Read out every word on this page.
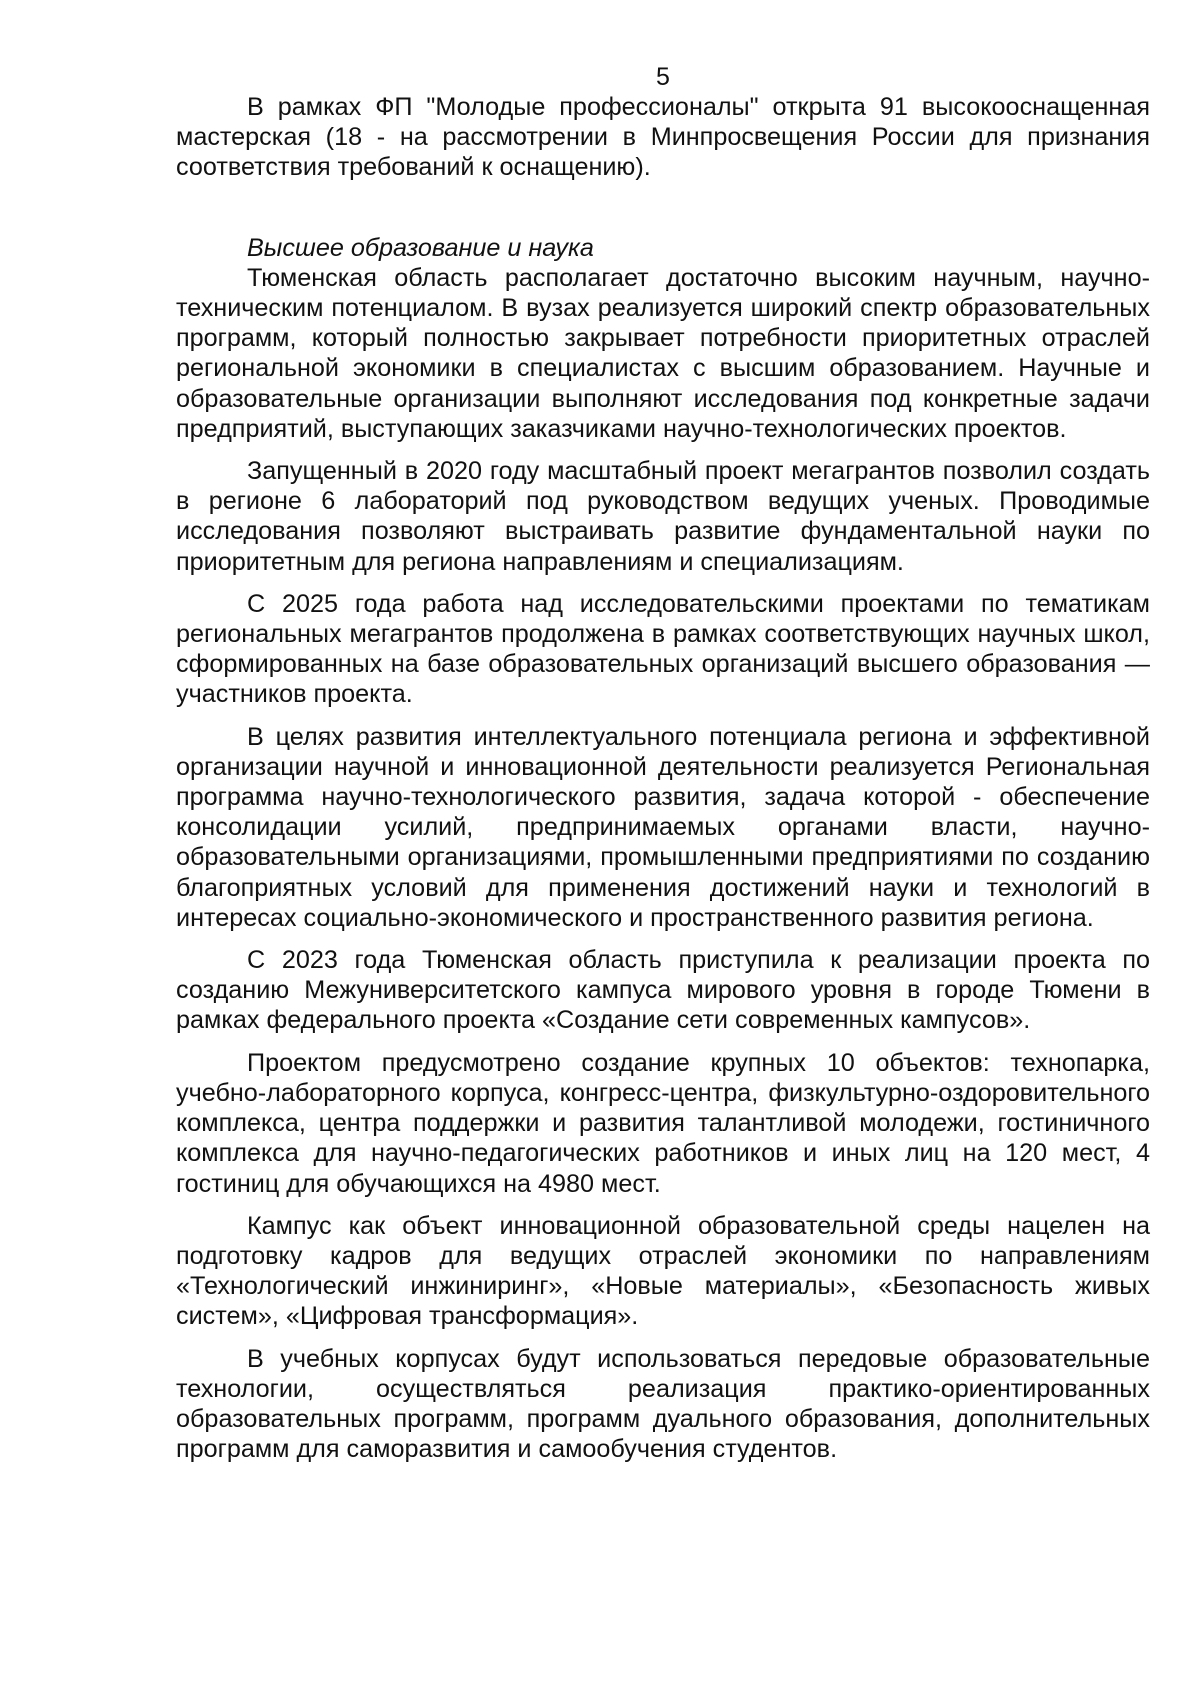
5

В рамках ФП "Молодые профессионалы" открыта 91 высокооснащенная мастерская (18 - на рассмотрении в Минпросвещения России для признания соответствия требований к оснащению).

Высшее образование и наука

Тюменская область располагает достаточно высоким научным, научно-техническим потенциалом. В вузах реализуется широкий спектр образовательных программ, который полностью закрывает потребности приоритетных отраслей региональной экономики в специалистах с высшим образованием. Научные и образовательные организации выполняют исследования под конкретные задачи предприятий, выступающих заказчиками научно-технологических проектов.

Запущенный в 2020 году масштабный проект мегагрантов позволил создать в регионе 6 лабораторий под руководством ведущих ученых. Проводимые исследования позволяют выстраивать развитие фундаментальной науки по приоритетным для региона направлениям и специализациям.

С 2025 года работа над исследовательскими проектами по тематикам региональных мегагрантов продолжена в рамках соответствующих научных школ, сформированных на базе образовательных организаций высшего образования — участников проекта.

В целях развития интеллектуального потенциала региона и эффективной организации научной и инновационной деятельности реализуется Региональная программа научно-технологического развития, задача которой - обеспечение консолидации усилий, предпринимаемых органами власти, научно-образовательными организациями, промышленными предприятиями по созданию благоприятных условий для применения достижений науки и технологий в интересах социально-экономического и пространственного развития региона.

С 2023 года Тюменская область приступила к реализации проекта по созданию Межуниверситетского кампуса мирового уровня в городе Тюмени в рамках федерального проекта «Создание сети современных кампусов».

Проектом предусмотрено создание крупных 10 объектов: технопарка, учебно-лабораторного корпуса, конгресс-центра, физкультурно-оздоровительного комплекса, центра поддержки и развития талантливой молодежи, гостиничного комплекса для научно-педагогических работников и иных лиц на 120 мест, 4 гостиниц для обучающихся на 4980 мест.

Кампус как объект инновационной образовательной среды нацелен на подготовку кадров для ведущих отраслей экономики по направлениям «Технологический инжиниринг», «Новые материалы», «Безопасность живых систем», «Цифровая трансформация».

В учебных корпусах будут использоваться передовые образовательные технологии, осуществляться реализация практико-ориентированных образовательных программ, программ дуального образования, дополнительных программ для саморазвития и самообучения студентов.
